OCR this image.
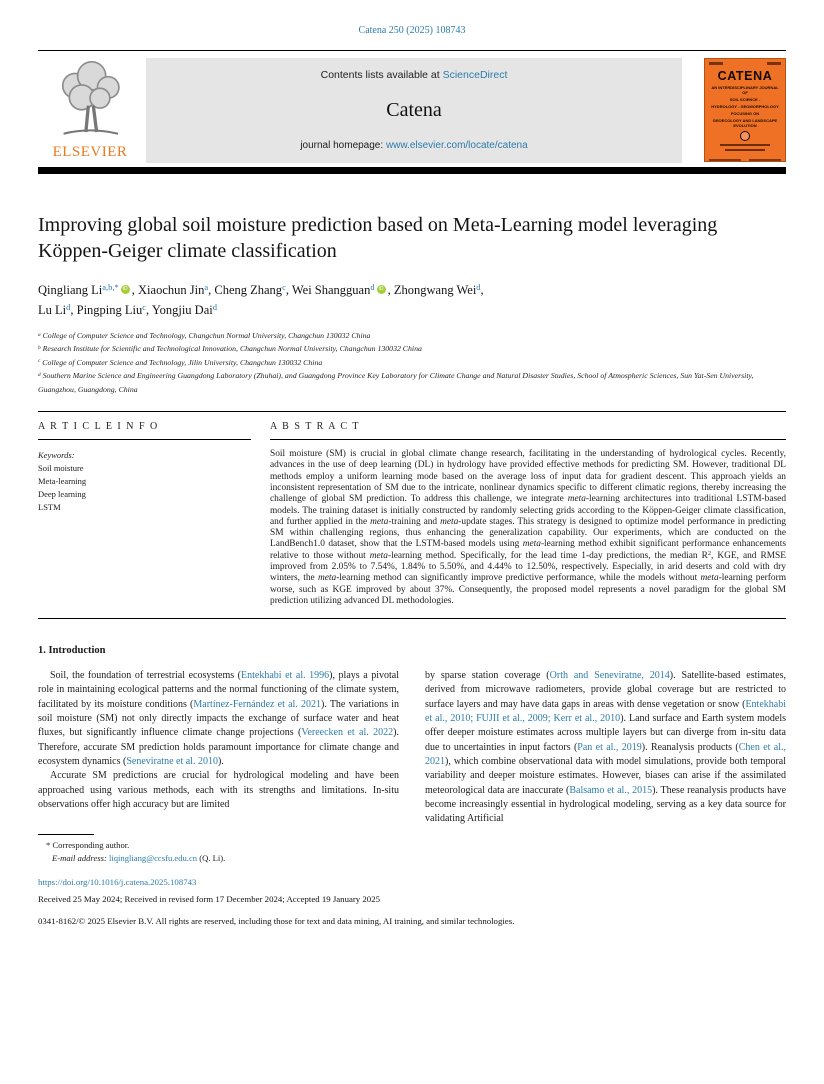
Catena 250 (2025) 108743
ELSEVIER
Contents lists available at ScienceDirect
Catena
journal homepage: www.elsevier.com/locate/catena
CATENA
AN INTERDISCIPLINARY JOURNAL OF
SOIL SCIENCE -
HYDROLOGY - GEOMORPHOLOGY
FOCUSING ON
GEOECOLOGY AND LANDSCAPE EVOLUTION
Improving global soil moisture prediction based on Meta-Learning model leveraging Köppen-Geiger climate classification
Qingliang $Li^{a,b,*}$ iD , Xiaochun Jin$^a$, Cheng Zhang$^c$, Wei Shangguan$^d$ iD , Zhongwang Wei$^d$,
Lu Li$^d$, Pingping Liu$^c$, Yongjiu Dai$^d$
$^a$ College of Computer Science and Technology, Changchun Normal University, Changchun 130032 China
$^b$ Research Institute for Scientific and Technological Innovation, Changchun Normal University, Changchun 130032 China
$^c$ College of Computer Science and Technology, Jilin University, Changchun 130032 China
$^d$ Southern Marine Science and Engineering Guangdong Laboratory (Zhuhai), and Guangdong Province Key Laboratory for Climate Change and Natural Disaster Studies, School of Atmospheric Sciences, Sun Yat-Sen University, Guangzhou, Guangdong, China
A R T I C L E I N F O
Keywords:
Soil moisture
Meta-learning
Deep learning
LSTM
A B S T R A C T
Soil moisture (SM) is crucial in global climate change research, facilitating in the understanding of hydrological cycles. Recently, advances in the use of deep learning (DL) in hydrology have provided effective methods for predicting SM. However, traditional DL methods employ a uniform learning mode based on the average loss of input data for gradient descent. This approach yields an inconsistent representation of SM due to the intricate, nonlinear dynamics specific to different climatic regions, thereby increasing the challenge of global SM prediction. To address this challenge, we integrate meta-learning architectures into traditional LSTM-based models. The training dataset is initially constructed by randomly selecting grids according to the Köppen-Geiger climate classification, and further applied in the meta-training and meta-update stages. This strategy is designed to optimize model performance in predicting SM within challenging regions, thus enhancing the generalization capability. Our experiments, which are conducted on the LandBench1.0 dataset, show that the LSTM-based models using meta-learning method exhibit significant performance enhancements relative to those without meta-learning method. Specifically, for the lead time 1-day predictions, the median $R^2$, KGE, and RMSE improved from 2.05% to 7.54%, 1.84% to 5.50%, and 4.44% to 12.50%, respectively. Especially, in arid deserts and cold with dry winters, the meta-learning method can significantly improve predictive performance, while the models without meta-learning perform worse, such as KGE improved by about 37%. Consequently, the proposed model represents a novel paradigm for the global SM prediction utilizing advanced DL methodologies.
1. Introduction

Soil, the foundation of terrestrial ecosystems (Entekhabi et al. 1996), plays a pivotal role in maintaining ecological patterns and the normal functioning of the climate system, facilitated by its moisture conditions (Martínez-Fernández et al. 2021). The variations in soil moisture (SM) not only directly impacts the exchange of surface water and heat fluxes, but significantly influence climate change projections (Vereecken et al. 2022). Therefore, accurate SM prediction holds paramount importance for climate change and ecosystem dynamics (Seneviratne et al. 2010).

Accurate SM predictions are crucial for hydrological modeling and have been approached using various methods, each with its strengths and limitations. In-situ observations offer high accuracy but are limited

by sparse station coverage (Orth and Seneviratne, 2014). Satellite-based estimates, derived from microwave radiometers, provide global coverage but are restricted to surface layers and may have data gaps in areas with dense vegetation or snow (Entekhabi et al., 2010; FUJII et al., 2009; Kerr et al., 2010). Land surface and Earth system models offer deeper moisture estimates across multiple layers but can diverge from in-situ data due to uncertainties in input factors (Pan et al., 2019). Reanalysis products (Chen et al., 2021), which combine observational data with model simulations, provide both temporal variability and deeper moisture estimates. However, biases can arise if the assimilated meteorological data are inaccurate (Balsamo et al., 2015). These reanalysis products have become increasingly essential in hydrological modeling, serving as a key data source for validating Artificial

* Corresponding author.
E-mail address: liqingliang@ccsfu.edu.cn (Q. Li).
https://doi.org/10.1016/j.catena.2025.108743
Received 25 May 2024; Received in revised form 17 December 2024; Accepted 19 January 2025
0341-8162/© 2025 Elsevier B.V. All rights are reserved, including those for text and data mining, AI training, and similar technologies.
